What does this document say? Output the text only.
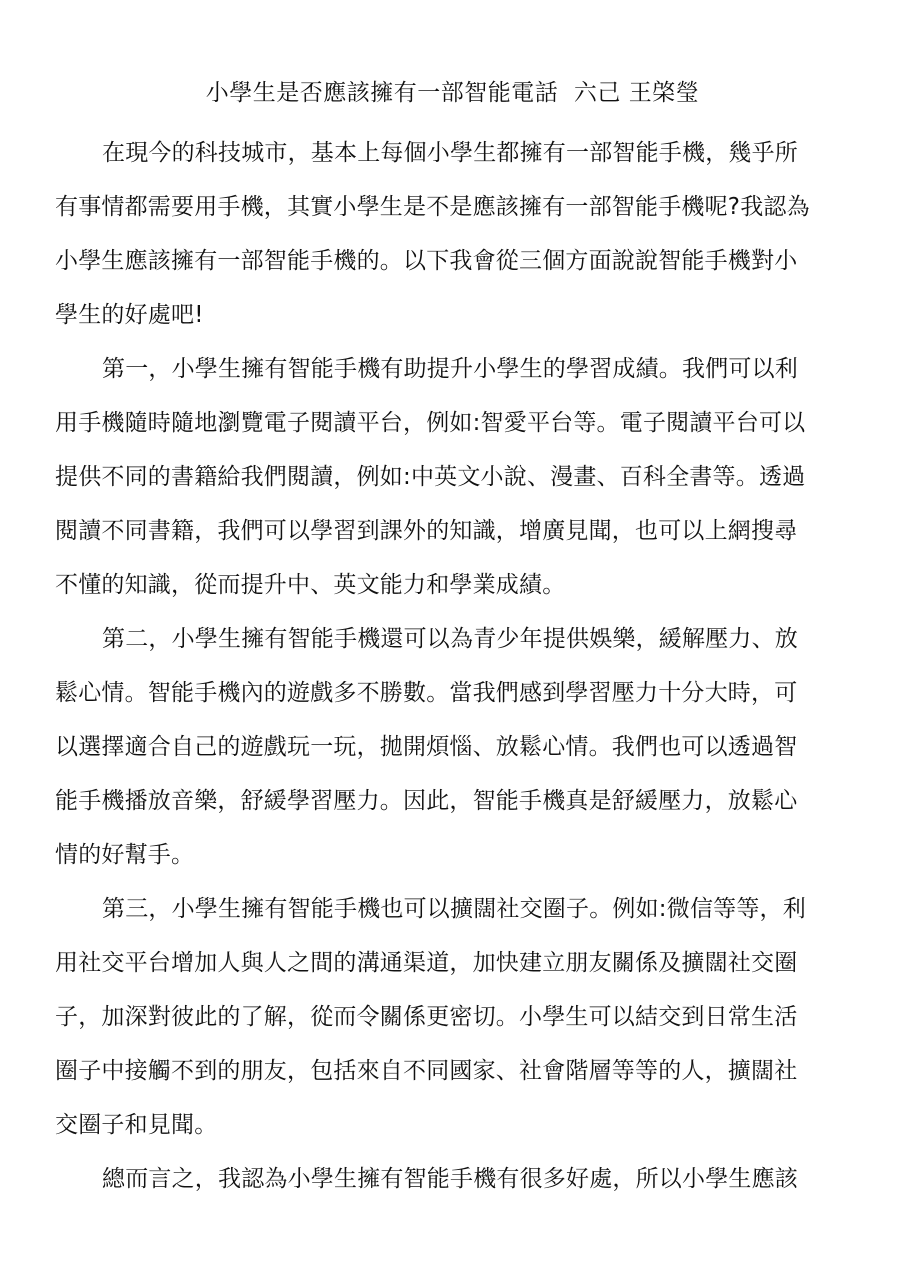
小學生是否應該擁有一部智能電話  六己 王棨瑩
在現今的科技城市，基本上每個小學生都擁有一部智能手機，幾乎所
有事情都需要用手機，其實小學生是不是應該擁有一部智能手機呢?我認為
小學生應該擁有一部智能手機的。以下我會從三個方面說說智能手機對小
學生的好處吧!
第一，小學生擁有智能手機有助提升小學生的學習成績。我們可以利
用手機隨時隨地瀏覽電子閱讀平台，例如:智愛平台等。電子閱讀平台可以
提供不同的書籍給我們閱讀，例如:中英文小說、漫畫、百科全書等。透過
閱讀不同書籍，我們可以學習到課外的知識，增廣見聞，也可以上網搜尋
不懂的知識，從而提升中、英文能力和學業成績。
第二，小學生擁有智能手機還可以為青少年提供娛樂，緩解壓力、放
鬆心情。智能手機內的遊戲多不勝數。當我們感到學習壓力十分大時，可
以選擇適合自己的遊戲玩一玩，拋開煩惱、放鬆心情。我們也可以透過智
能手機播放音樂，舒緩學習壓力。因此，智能手機真是舒緩壓力，放鬆心
情的好幫手。
第三，小學生擁有智能手機也可以擴闊社交圈子。例如:微信等等，利
用社交平台增加人與人之間的溝通渠道，加快建立朋友關係及擴闊社交圈
子，加深對彼此的了解，從而令關係更密切。小學生可以結交到日常生活
圈子中接觸不到的朋友，包括來自不同國家、社會階層等等的人，擴闊社
交圈子和見聞。
總而言之，我認為小學生擁有智能手機有很多好處，所以小學生應該
